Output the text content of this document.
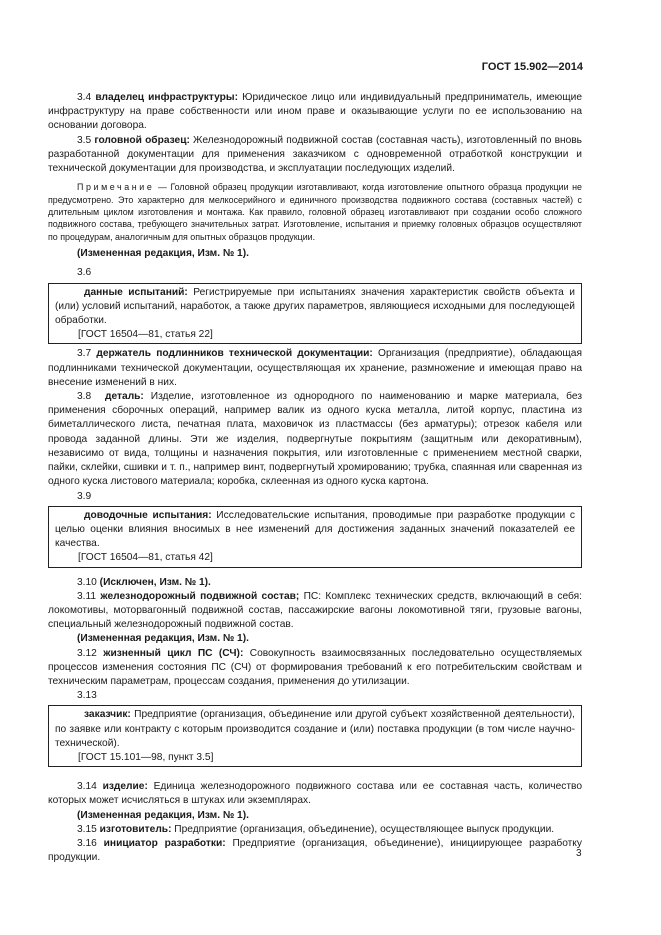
ГОСТ 15.902—2014

3.4 владелец инфраструктуры: Юридическое лицо или индивидуальный предприниматель, имеющие инфраструктуру на праве собственности или ином праве и оказывающие услуги по ее использованию на основании договора.

3.5 головной образец: Железнодорожный подвижной состав (составная часть), изготовленный по вновь разработанной документации для применения заказчиком с одновременной отработкой конструкции и технической документации для производства, и эксплуатации последующих изделий.

Примечание — Головной образец продукции изготавливают, когда изготовление опытного образца продукции не предусмотрено. Это характерно для мелкосерийного и единичного производства подвижного состава (составных частей) с длительным циклом изготовления и монтажа. Как правило, головной образец изготавливают при создании особо сложного подвижного состава, требующего значительных затрат. Изготовление, испытания и приемку головных образцов осуществляют по процедурам, аналогичным для опытных образцов продукции.

(Измененная редакция, Изм. № 1).

3.6

данные испытаний: Регистрируемые при испытаниях значения характеристик свойств объекта и (или) условий испытаний, наработок, а также других параметров, являющиеся исходными для последующей обработки.

[ГОСТ 16504—81, статья 22]

3.7 держатель подлинников технической документации: Организация (предприятие), обладающая подлинниками технической документации, осуществляющая их хранение, размножение и имеющая право на внесение изменений в них.

3.8 деталь: Изделие, изготовленное из однородного по наименованию и марке материала, без применения сборочных операций, например валик из одного куска металла, литой корпус, пластина из биметаллического листа, печатная плата, маховичок из пластмассы (без арматуры); отрезок кабеля или провода заданной длины. Эти же изделия, подвергнутые покрытиям (защитным или декоративным), независимо от вида, толщины и назначения покрытия, или изготовленные с применением местной сварки, пайки, склейки, сшивки и т. п., например винт, подвергнутый хромированию; трубка, спаянная или сваренная из одного куска листового материала; коробка, склеенная из одного куска картона.

3.9

доводочные испытания: Исследовательские испытания, проводимые при разработке продукции с целью оценки влияния вносимых в нее изменений для достижения заданных значений показателей ее качества.

[ГОСТ 16504—81, статья 42]

3.10 (Исключен, Изм. № 1).

3.11 железнодорожный подвижной состав; ПС: Комплекс технических средств, включающий в себя: локомотивы, моторвагонный подвижной состав, пассажирские вагоны локомотивной тяги, грузовые вагоны, специальный железнодорожный подвижной состав.

(Измененная редакция, Изм. № 1).

3.12 жизненный цикл ПС (СЧ): Совокупность взаимосвязанных последовательно осуществляемых процессов изменения состояния ПС (СЧ) от формирования требований к его потребительским свойствам и техническим параметрам, процессам создания, применения до утилизации.

3.13

заказчик: Предприятие (организация, объединение или другой субъект хозяйственной деятельности), по заявке или контракту с которым производится создание и (или) поставка продукции (в том числе научно-технической).

[ГОСТ 15.101—98, пункт 3.5]

3.14 изделие: Единица железнодорожного подвижного состава или ее составная часть, количество которых может исчисляться в штуках или экземплярах.

(Измененная редакция, Изм. № 1).

3.15 изготовитель: Предприятие (организация, объединение), осуществляющее выпуск продукции.

3.16 инициатор разработки: Предприятие (организация, объединение), инициирующее разработку продукции.	3
